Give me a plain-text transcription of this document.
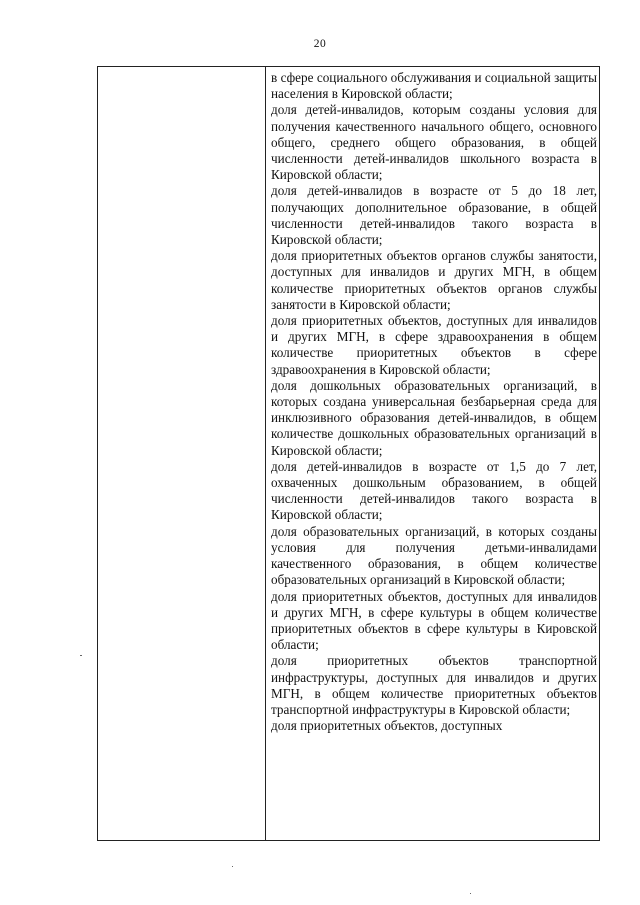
20

в сфере социального обслуживания и социальной защиты населения в Кировской области;

доля детей-инвалидов, которым созданы условия для получения качественного начального общего, основного общего, среднего общего образования, в общей численности детей-инвалидов школьного возраста в Кировской области;

доля детей-инвалидов в возрасте от 5 до 18 лет, получающих дополнительное образование, в общей численности детей-инвалидов такого возраста в Кировской области;

доля приоритетных объектов органов службы занятости, доступных для инвалидов и других МГН, в общем количестве приоритетных объектов органов службы занятости в Кировской области;

доля приоритетных объектов, доступных для инвалидов и других МГН, в сфере здравоохранения в общем количестве приоритетных объектов в сфере здравоохранения в Кировской области;

доля дошкольных образовательных организаций, в которых создана универсальная безбарьерная среда для инклюзивного образования детей-инвалидов, в общем количестве дошкольных образовательных организаций в Кировской области;

доля детей-инвалидов в возрасте от 1,5 до 7 лет, охваченных дошкольным образованием, в общей численности детей-инвалидов такого возраста в Кировской области;

доля образовательных организаций, в которых созданы условия для получения детьми-инвалидами качественного образования, в общем количестве образовательных организаций в Кировской области;

доля приоритетных объектов, доступных для инвалидов и других МГН, в сфере культуры в общем количестве приоритетных объектов в сфере культуры в Кировской области;

доля приоритетных объектов транспортной инфраструктуры, доступных для инвалидов и других МГН, в общем количестве приоритетных объектов транспортной инфраструктуры в Кировской области;

доля приоритетных объектов, доступных
